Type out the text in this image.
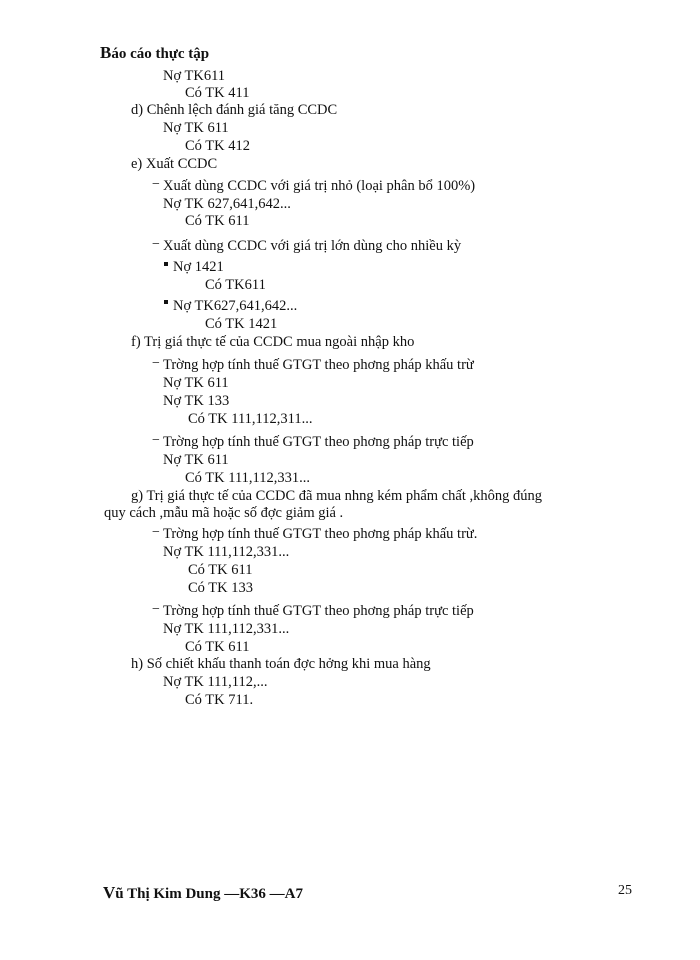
Báo cáo thực tập
Nợ TK611
Có TK 411
d) Chênh lệch đánh giá tăng CCDC
Nợ TK 611
Có TK 412
e) Xuất CCDC
− Xuất dùng CCDC với giá trị nhỏ (loại phân bổ 100%)
Nợ TK 627,641,642...
Có TK 611
− Xuất dùng CCDC với giá trị lớn dùng cho nhiều kỳ
Nợ 1421
Có TK611
Nợ TK627,641,642...
Có TK 1421
f) Trị giá thực tế của CCDC mua ngoài nhập kho
− Trờng hợp tính thuế GTGT theo phơng pháp khấu trừ
Nợ TK 611
Nợ TK 133
Có TK 111,112,311...
− Trờng hợp tính thuế GTGT theo phơng pháp trực tiếp
Nợ TK 611
Có TK 111,112,331...
g) Trị giá thực tế của CCDC đã mua nhng kém phẩm chất ,không đúng
quy cách ,mẫu mã hoặc số đợc giảm giá .
− Trờng hợp tính thuế GTGT theo phơng pháp khấu trừ.
Nợ TK 111,112,331...
Có TK 611
Có TK 133
− Trờng hợp tính thuế GTGT theo phơng pháp trực tiếp
Nợ TK 111,112,331...
Có TK 611
h) Số chiết khấu thanh toán đợc hởng khi mua hàng
Nợ TK 111,112,...
Có TK 711.
Vũ Thị Kim Dung —K36 —A7	25
